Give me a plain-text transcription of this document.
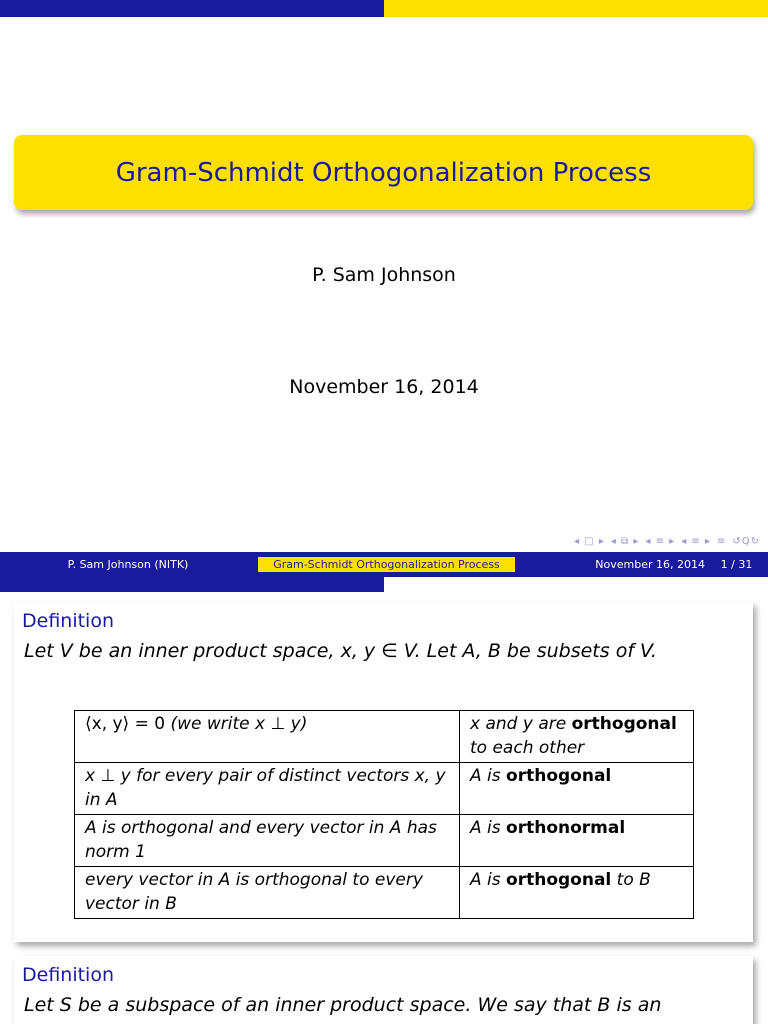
Gram-Schmidt Orthogonalization Process
P. Sam Johnson
November 16, 2014
◂ □ ▸ ◂ ⧉ ▸ ◂ ≡ ▸ ◂ ≡ ▸ ≡ ↺Q↻
P. Sam Johnson (NITK)	Gram-Schmidt Orthogonalization Process	November 16, 2014	1 / 31
Definition
Let V be an inner product space, x, y ∈ V. Let A, B be subsets of V.
⟨x, y⟩ = 0 (we write x ⊥ y)	x and y are orthogonal to each other
x ⊥ y for every pair of distinct vectors x, y in A	A is orthogonal
A is orthogonal and every vector in A has norm 1	A is orthonormal
every vector in A is orthogonal to every vector in B	A is orthogonal to B
Definition
Let S be a subspace of an inner product space. We say that B is an
